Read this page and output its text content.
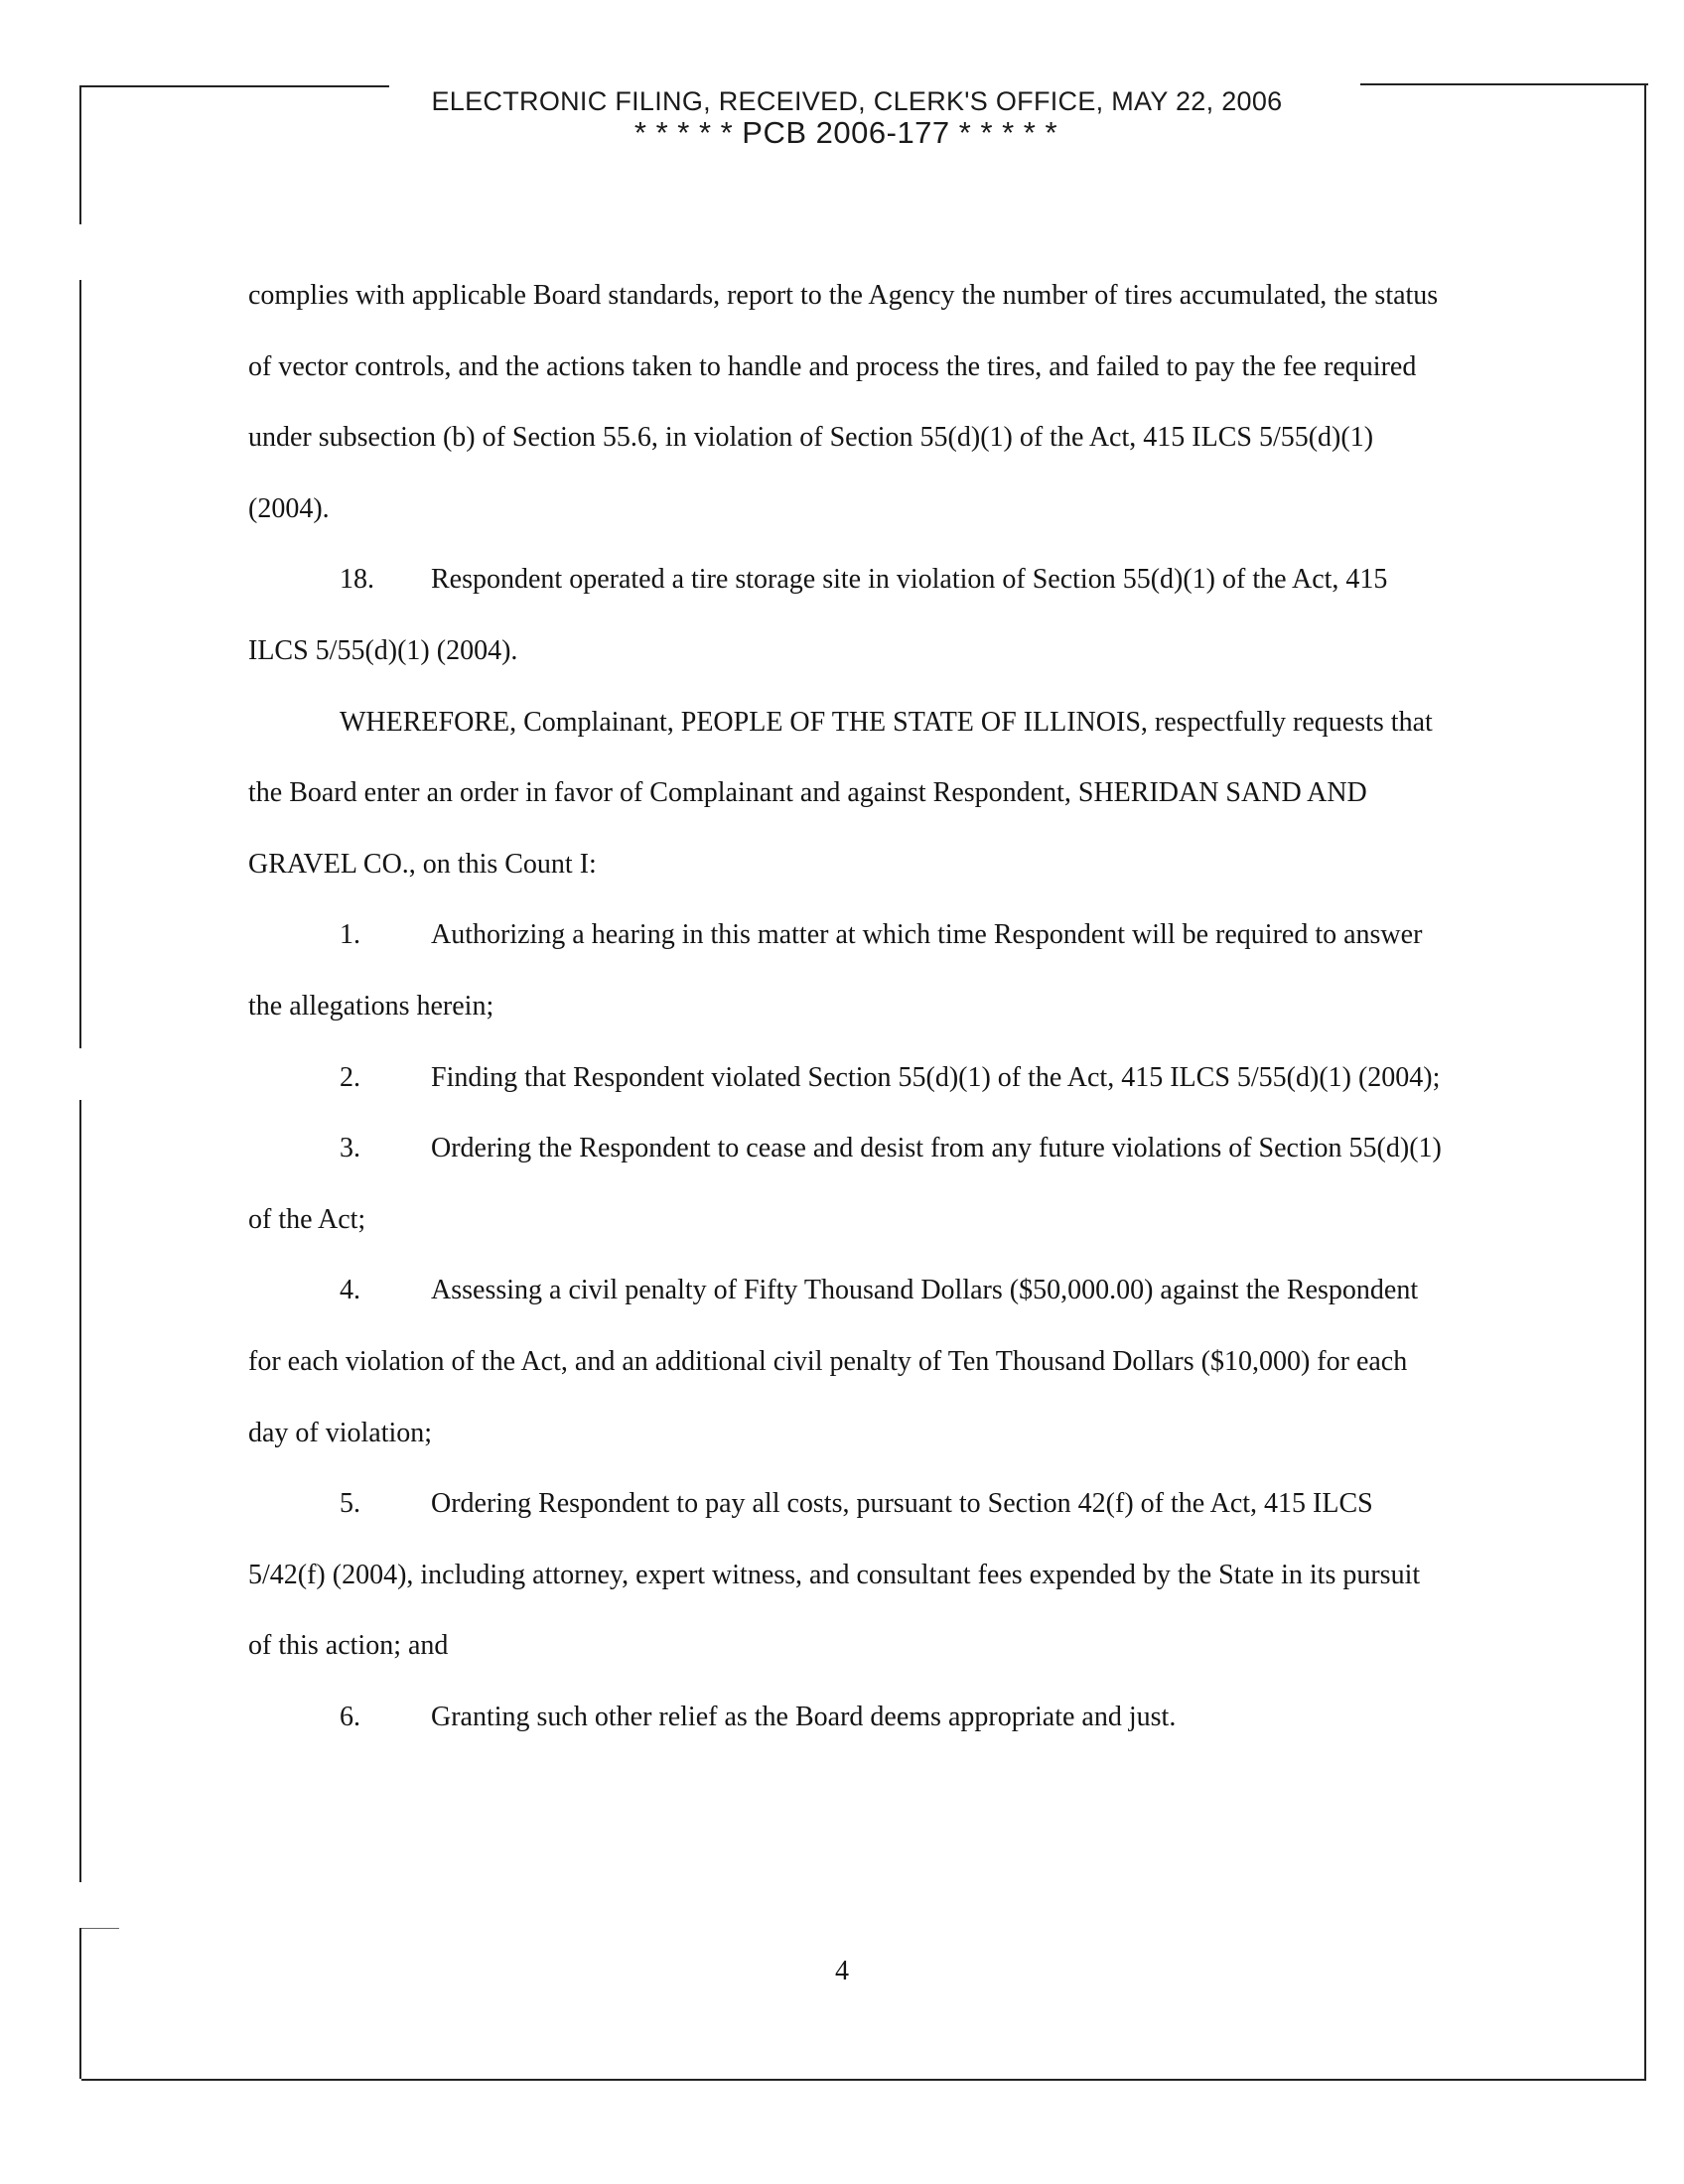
ELECTRONIC FILING, RECEIVED, CLERK'S OFFICE, MAY 22, 2006
* * * * * PCB 2006-177 * * * * *

complies with applicable Board standards, report to the Agency the number of tires accumulated, the status of vector controls, and the actions taken to handle and process the tires, and failed to pay the fee required under subsection (b) of Section 55.6, in violation of Section 55(d)(1) of the Act, 415 ILCS 5/55(d)(1) (2004).

18. Respondent operated a tire storage site in violation of Section 55(d)(1) of the Act, 415 ILCS 5/55(d)(1) (2004).

WHEREFORE, Complainant, PEOPLE OF THE STATE OF ILLINOIS, respectfully requests that the Board enter an order in favor of Complainant and against Respondent, SHERIDAN SAND AND GRAVEL CO., on this Count I:

1.	Authorizing a hearing in this matter at which time Respondent will be required to answer the allegations herein;

2.	Finding that Respondent violated Section 55(d)(1) of the Act, 415 ILCS 5/55(d)(1) (2004);

3.	Ordering the Respondent to cease and desist from any future violations of Section 55(d)(1) of the Act;

4.	Assessing a civil penalty of Fifty Thousand Dollars ($50,000.00) against the Respondent for each violation of the Act, and an additional civil penalty of Ten Thousand Dollars ($10,000) for each day of violation;

5.	Ordering Respondent to pay all costs, pursuant to Section 42(f) of the Act, 415 ILCS 5/42(f) (2004), including attorney, expert witness, and consultant fees expended by the State in its pursuit of this action; and

6.	Granting such other relief as the Board deems appropriate and just.

4
